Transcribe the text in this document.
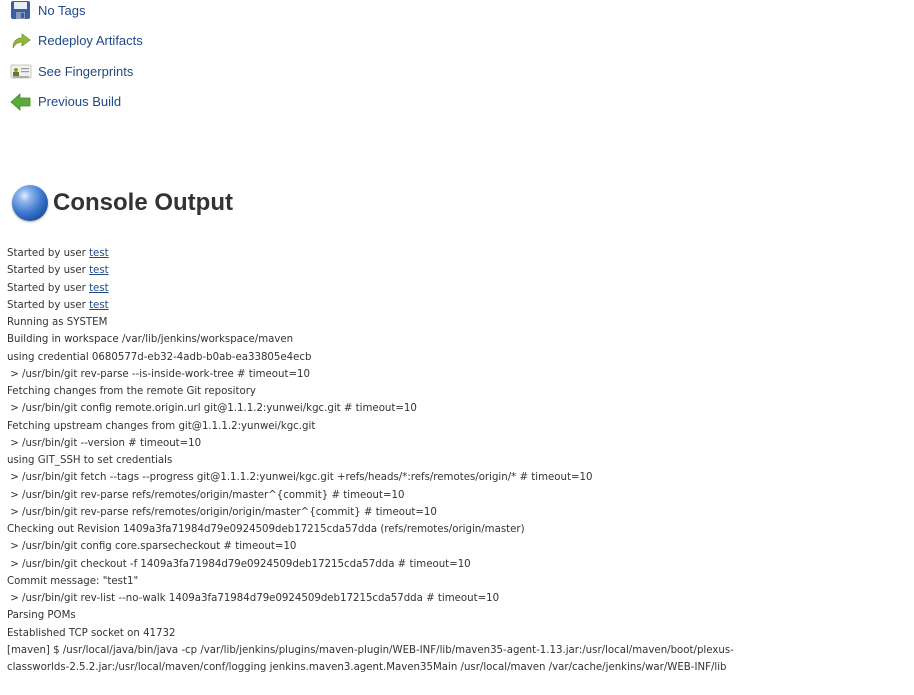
No Tags
Redeploy Artifacts
See Fingerprints
Previous Build
Console Output
Started by user test
Started by user test
Started by user test
Started by user test
Running as SYSTEM
Building in workspace /var/lib/jenkins/workspace/maven
using credential 0680577d-eb32-4adb-b0ab-ea33805e4ecb
> /usr/bin/git rev-parse --is-inside-work-tree # timeout=10
Fetching changes from the remote Git repository
> /usr/bin/git config remote.origin.url git@1.1.1.2:yunwei/kgc.git # timeout=10
Fetching upstream changes from git@1.1.1.2:yunwei/kgc.git
> /usr/bin/git --version # timeout=10
using GIT_SSH to set credentials
> /usr/bin/git fetch --tags --progress git@1.1.1.2:yunwei/kgc.git +refs/heads/*:refs/remotes/origin/* # timeout=10
> /usr/bin/git rev-parse refs/remotes/origin/master^{commit} # timeout=10
> /usr/bin/git rev-parse refs/remotes/origin/origin/master^{commit} # timeout=10
Checking out Revision 1409a3fa71984d79e0924509deb17215cda57dda (refs/remotes/origin/master)
> /usr/bin/git config core.sparsecheckout # timeout=10
> /usr/bin/git checkout -f 1409a3fa71984d79e0924509deb17215cda57dda # timeout=10
Commit message: "test1"
> /usr/bin/git rev-list --no-walk 1409a3fa71984d79e0924509deb17215cda57dda # timeout=10
Parsing POMs
Established TCP socket on 41732
[maven] $ /usr/local/java/bin/java -cp /var/lib/jenkins/plugins/maven-plugin/WEB-INF/lib/maven35-agent-1.13.jar:/usr/local/maven/boot/plexus-
classworlds-2.5.2.jar:/usr/local/maven/conf/logging jenkins.maven3.agent.Maven35Main /usr/local/maven /var/cache/jenkins/war/WEB-INF/lib
